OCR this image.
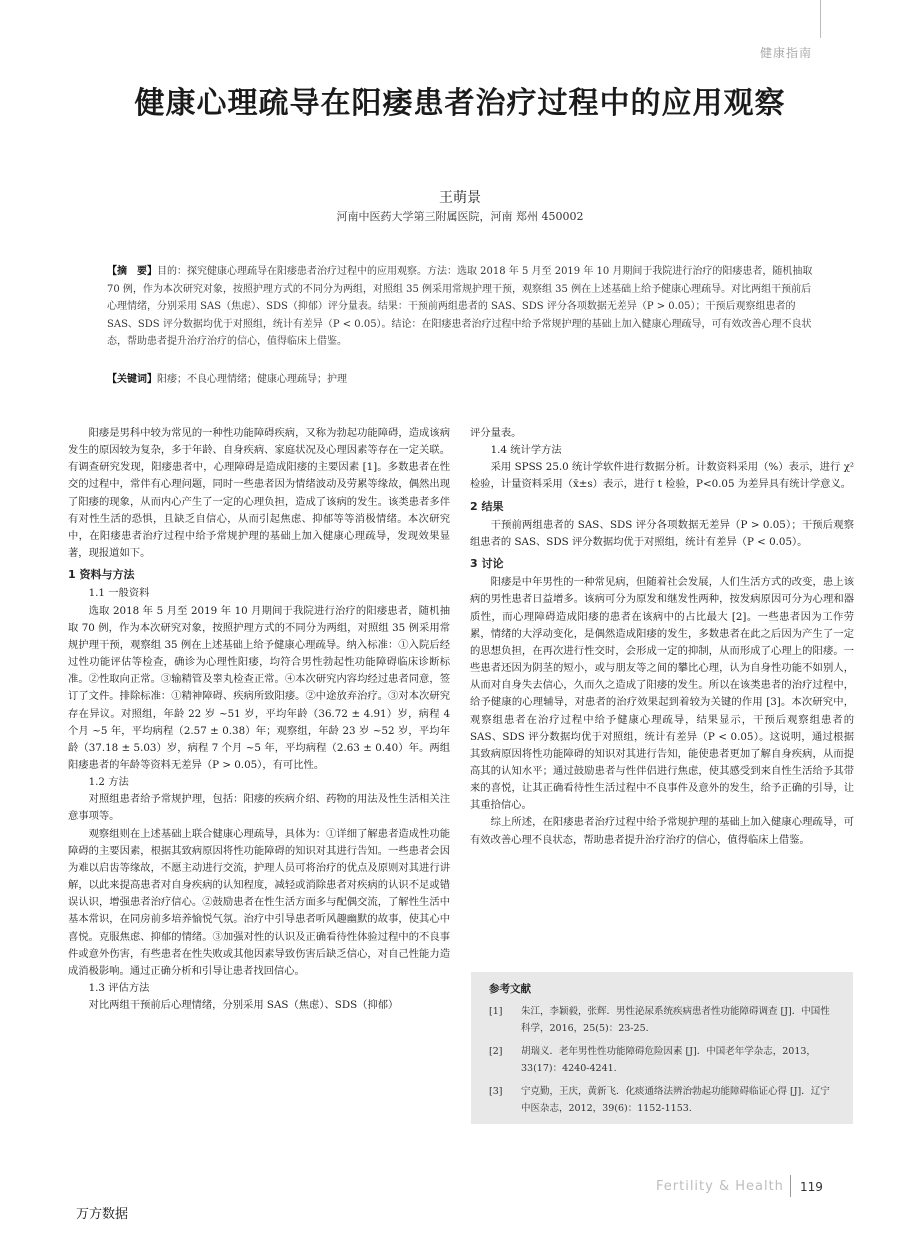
健康指南
健康心理疏导在阳痿患者治疗过程中的应用观察
王萌景
河南中医药大学第三附属医院，河南 郑州 450002
【摘　要】目的：探究健康心理疏导在阳痿患者治疗过程中的应用观察。方法：选取 2018 年 5 月至 2019 年 10 月期间于我院进行治疗的阳痿患者，随机抽取 70 例，作为本次研究对象，按照护理方式的不同分为两组，对照组 35 例采用常规护理干预，观察组 35 例在上述基础上给予健康心理疏导。对比两组干预前后心理情绪，分别采用 SAS（焦虑）、SDS（抑郁）评分量表。结果：干预前两组患者的 SAS、SDS 评分各项数据无差异（P > 0.05）；干预后观察组患者的 SAS、SDS 评分数据均优于对照组，统计有差异（P < 0.05）。结论：在阳痿患者治疗过程中给予常规护理的基础上加入健康心理疏导，可有效改善心理不良状态，帮助患者提升治疗治疗的信心，值得临床上借鉴。
【关键词】阳痿；不良心理情绪；健康心理疏导；护理

阳痿是男科中较为常见的一种性功能障碍疾病，又称为勃起功能障碍，造成该病发生的原因较为复杂，多于年龄、自身疾病、家庭状况及心理因素等存在一定关联。有调查研究发现，阳痿患者中，心理障碍是造成阳痿的主要因素 [1]。多数患者在性交的过程中，常伴有心理问题，同时一些患者因为情绪波动及劳累等缘故，偶然出现了阳痿的现象，从而内心产生了一定的心理负担，造成了该病的发生。该类患者多伴有对性生活的恐惧，且缺乏自信心，从而引起焦虑、抑郁等等消极情绪。本次研究中，在阳痿患者治疗过程中给予常规护理的基础上加入健康心理疏导，发现效果显著，现报道如下。

1 资料与方法

1.1 一般资料

选取 2018 年 5 月至 2019 年 10 月期间于我院进行治疗的阳痿患者，随机抽取 70 例，作为本次研究对象，按照护理方式的不同分为两组，对照组 35 例采用常规护理干预，观察组 35 例在上述基础上给予健康心理疏导。纳入标准：①入院后经过性功能评估等检查，确诊为心理性阳痿，均符合男性勃起性功能障碍临床诊断标准。②性取向正常。③输精管及睾丸检查正常。④本次研究内容均经过患者同意，签订了文件。排除标准：①精神障碍、疾病所致阳痿。②中途放弃治疗。③对本次研究存在异议。对照组，年龄 22 岁 ~51 岁，平均年龄（36.72 ± 4.91）岁，病程 4 个月 ~5 年，平均病程（2.57 ± 0.38）年；观察组，年龄 23 岁 ~52 岁，平均年龄（37.18 ± 5.03）岁，病程 7 个月 ~5 年，平均病程（2.63 ± 0.40）年。两组阳痿患者的年龄等资料无差异（P > 0.05），有可比性。

1.2 方法

对照组患者给予常规护理，包括：阳痿的疾病介绍、药物的用法及性生活相关注意事项等。

观察组则在上述基础上联合健康心理疏导，具体为：①详细了解患者造成性功能障碍的主要因素，根据其致病原因将性功能障碍的知识对其进行告知。一些患者会因为难以启齿等缘故，不愿主动进行交流，护理人员可将治疗的优点及原则对其进行讲解，以此来提高患者对自身疾病的认知程度，减轻或消除患者对疾病的认识不足或错误认识，增强患者治疗信心。②鼓励患者在性生活方面多与配偶交流，了解性生活中基本常识，在同房前多培养愉悦气氛。治疗中引导患者听风趣幽默的故事，使其心中喜悦。克服焦虑、抑郁的情绪。③加强对性的认识及正确看待性体验过程中的不良事件或意外伤害，有些患者在性失败或其他因素导致伤害后缺乏信心，对自己性能力造成消极影响。通过正确分析和引导让患者找回信心。

1.3 评估方法

对比两组干预前后心理情绪，分别采用 SAS（焦虑）、SDS（抑郁）

评分量表。

1.4 统计学方法

采用 SPSS 25.0 统计学软件进行数据分析。计数资料采用（%）表示，进行 χ² 检验，计量资料采用（x̄±s）表示，进行 t 检验，P<0.05 为差异具有统计学意义。

2 结果

干预前两组患者的 SAS、SDS 评分各项数据无差异（P > 0.05）；干预后观察组患者的 SAS、SDS 评分数据均优于对照组，统计有差异（P < 0.05）。

3 讨论

阳痿是中年男性的一种常见病，但随着社会发展，人们生活方式的改变，患上该病的男性患者日益增多。该病可分为原发和继发性两种，按发病原因可分为心理和器质性，而心理障碍造成阳痿的患者在该病中的占比最大 [2]。一些患者因为工作劳累，情绪的大浮动变化，是偶然造成阳痿的发生，多数患者在此之后因为产生了一定的思想负担，在再次进行性交时，会形成一定的抑制，从而形成了心理上的阳痿。一些患者还因为阴茎的短小，或与朋友等之间的攀比心理，认为自身性功能不如别人，从而对自身失去信心，久而久之造成了阳痿的发生。所以在该类患者的治疗过程中，给予健康的心理辅导，对患者的治疗效果起到着较为关键的作用 [3]。本次研究中，观察组患者在治疗过程中给予健康心理疏导，结果显示，干预后观察组患者的 SAS、SDS 评分数据均优于对照组，统计有差异（P < 0.05）。这说明，通过根据其致病原因将性功能障碍的知识对其进行告知，能使患者更加了解自身疾病，从而提高其的认知水平；通过鼓励患者与性伴侣进行焦虑，使其感受到来自性生活给予其带来的喜悦，让其正确看待性生活过程中不良事件及意外的发生，给予正确的引导，让其重拾信心。

综上所述，在阳痿患者治疗过程中给予常规护理的基础上加入健康心理疏导，可有效改善心理不良状态，帮助患者提升治疗治疗的信心，值得临床上借鉴。

参考文献
[1] 朱江，李颖毅，张辉．男性泌尿系统疾病患者性功能障碍调查 [J]．中国性科学，2016，25(5)：23-25.
[2] 胡瑞义．老年男性性功能障碍危险因素 [J]．中国老年学杂志，2013，33(17)：4240-4241.
[3] 宁克勤，王庆，黄新飞．化痰通络法辨治勃起功能障碍临证心得 [J]．辽宁中医杂志，2012，39(6)：1152-1153.
Fertility & Health 119
万方数据
